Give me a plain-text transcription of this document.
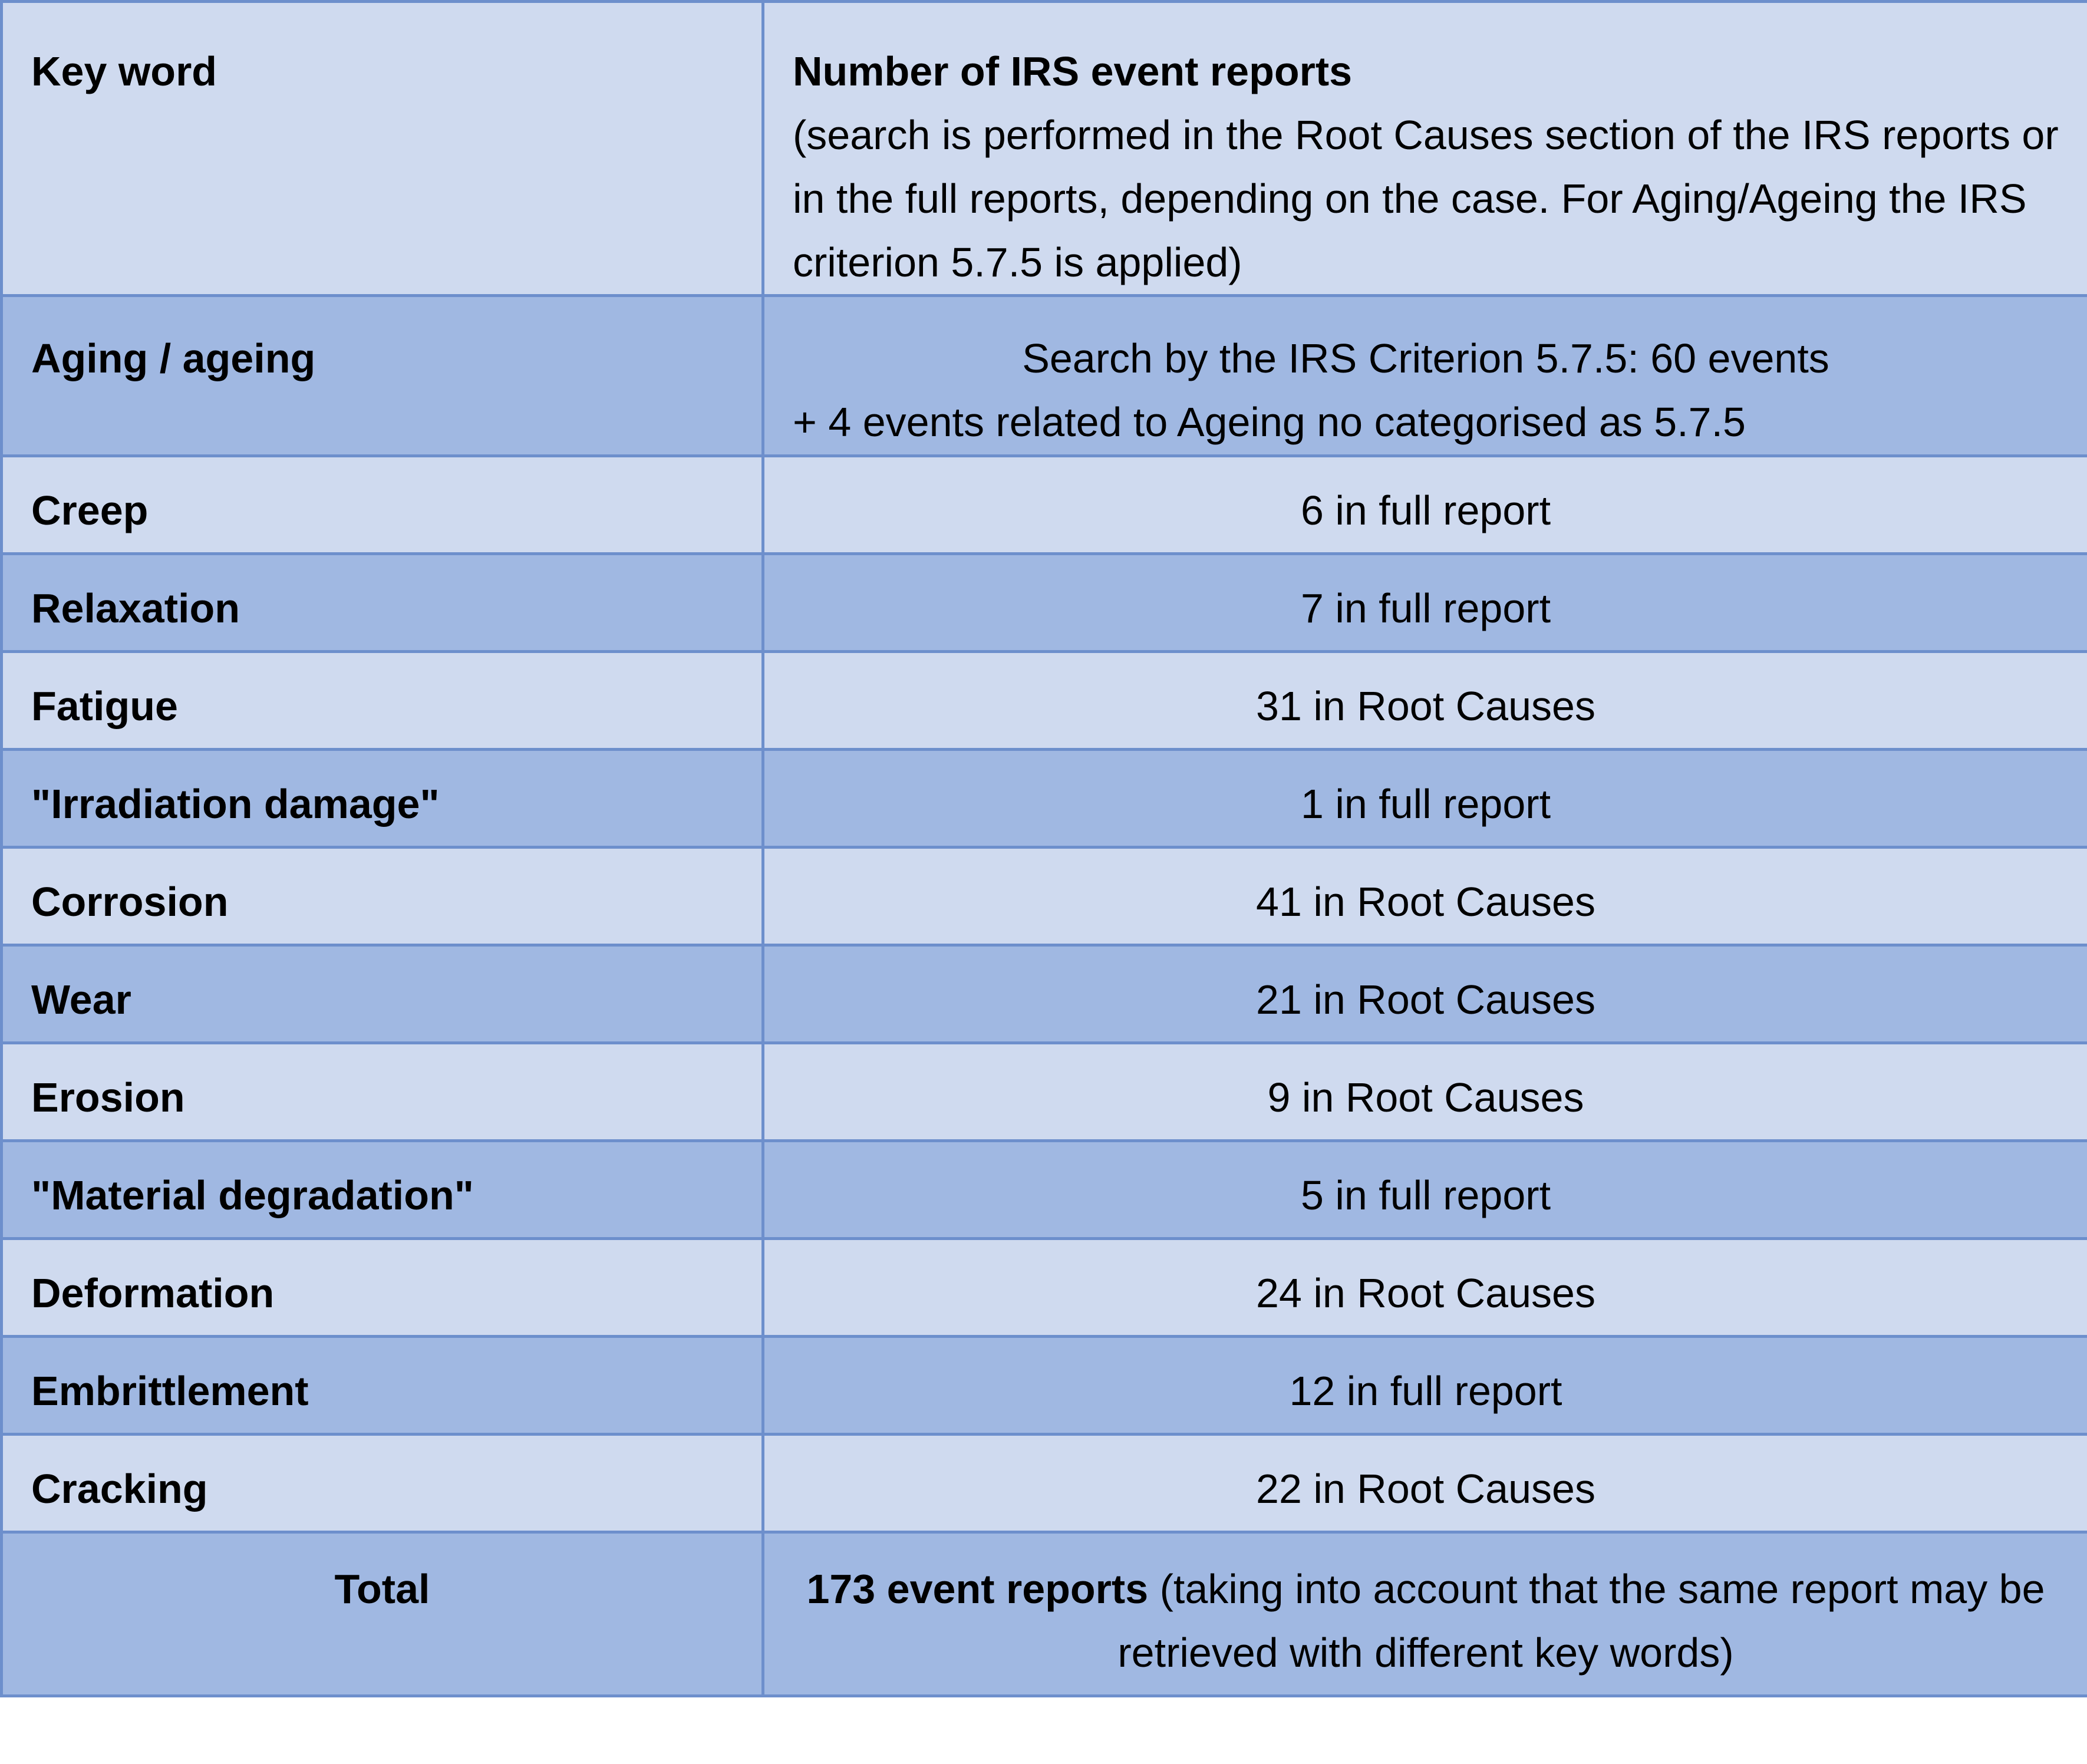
Key word	Number of IRS event reports
(search is performed in the Root Causes section of the IRS reports or in the full reports, depending on the case. For Aging/Ageing the IRS criterion 5.7.5 is applied)

Aging / ageing	Search by the IRS Criterion 5.7.5: 60 events
+ 4 events related to Ageing no categorised as 5.7.5

Creep	6 in full report
Relaxation	7 in full report
Fatigue	31 in Root Causes
"Irradiation damage"	1 in full report
Corrosion	41 in Root Causes
Wear	21 in Root Causes
Erosion	9 in Root Causes
"Material degradation"	5 in full report
Deformation	24 in Root Causes
Embrittlement	12 in full report
Cracking	22 in Root Causes
Total	173 event reports (taking into account that the same report may be retrieved with different key words)
